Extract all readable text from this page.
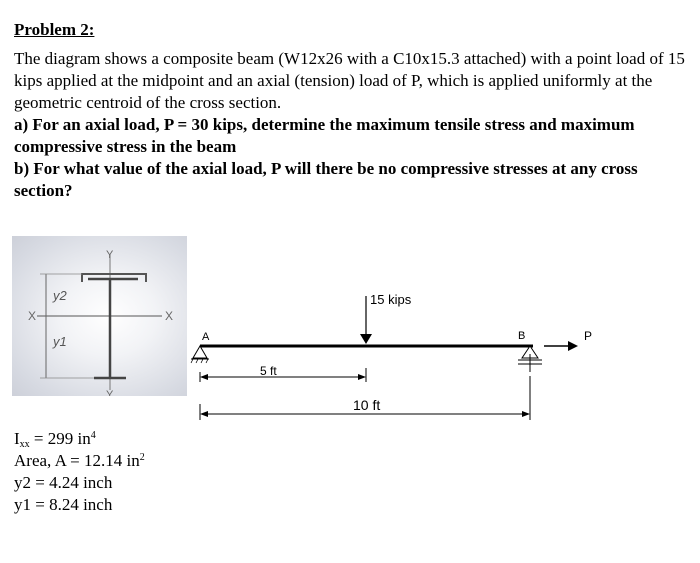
Problem 2:

The diagram shows a composite beam (W12x26 with a C10x15.3 attached) with a point load of 15 kips applied at the midpoint and an axial (tension) load of P, which is applied uniformly at the geometric centroid of the cross section.
a) For an axial load, P = 30 kips, determine the maximum tensile stress and maximum compressive stress in the beam
b) For what value of the axial load, P will there be no compressive stresses at any cross section?

y2
y1
Y
Y
X	X
A	B	P
15 kips
5 ft
10 ft
$I_{xx} = 299$ $in^4$
Area, A = 12.14 $in^2$
y2 = 4.24 inch
y1 = 8.24 inch
